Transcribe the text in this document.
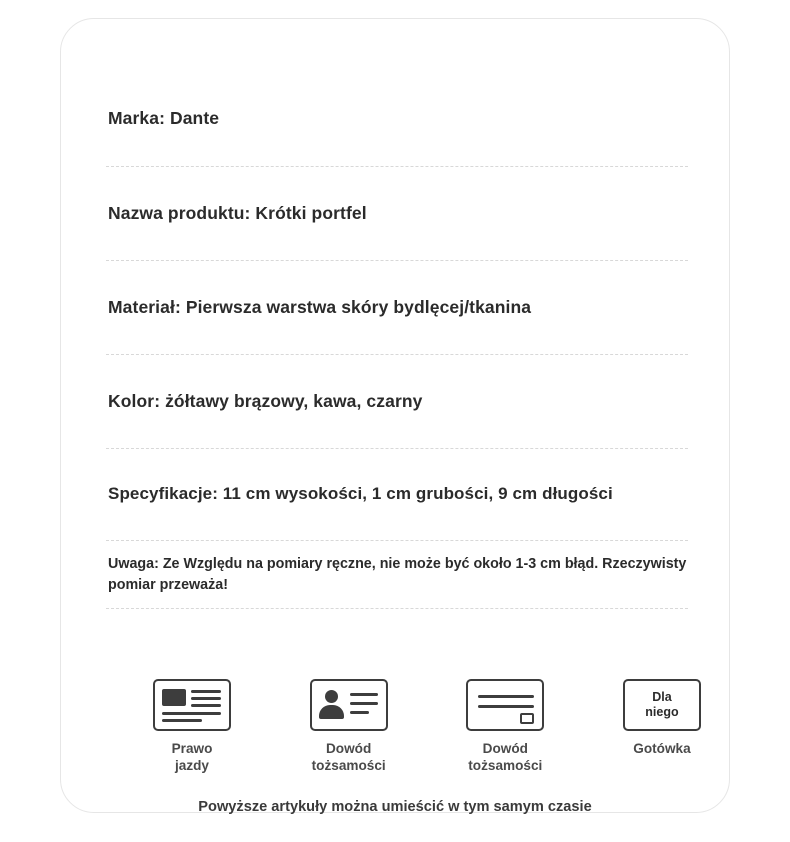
Marka: Dante
Nazwa produktu: Krótki portfel
Materiał: Pierwsza warstwa skóry bydlęcej/tkanina
Kolor: żółtawy brązowy, kawa, czarny
Specyfikacje: 11 cm wysokości, 1 cm grubości, 9 cm długości
Uwaga: Ze Względu na pomiary ręczne, nie może być około 1-3 cm błąd. Rzeczywisty pomiar przeważa!
Prawo
jazdy
Dowód
tożsamości
Dowód
tożsamości
Dla
niego
Gotówka
Powyższe artykuły można umieścić w tym samym czasie
